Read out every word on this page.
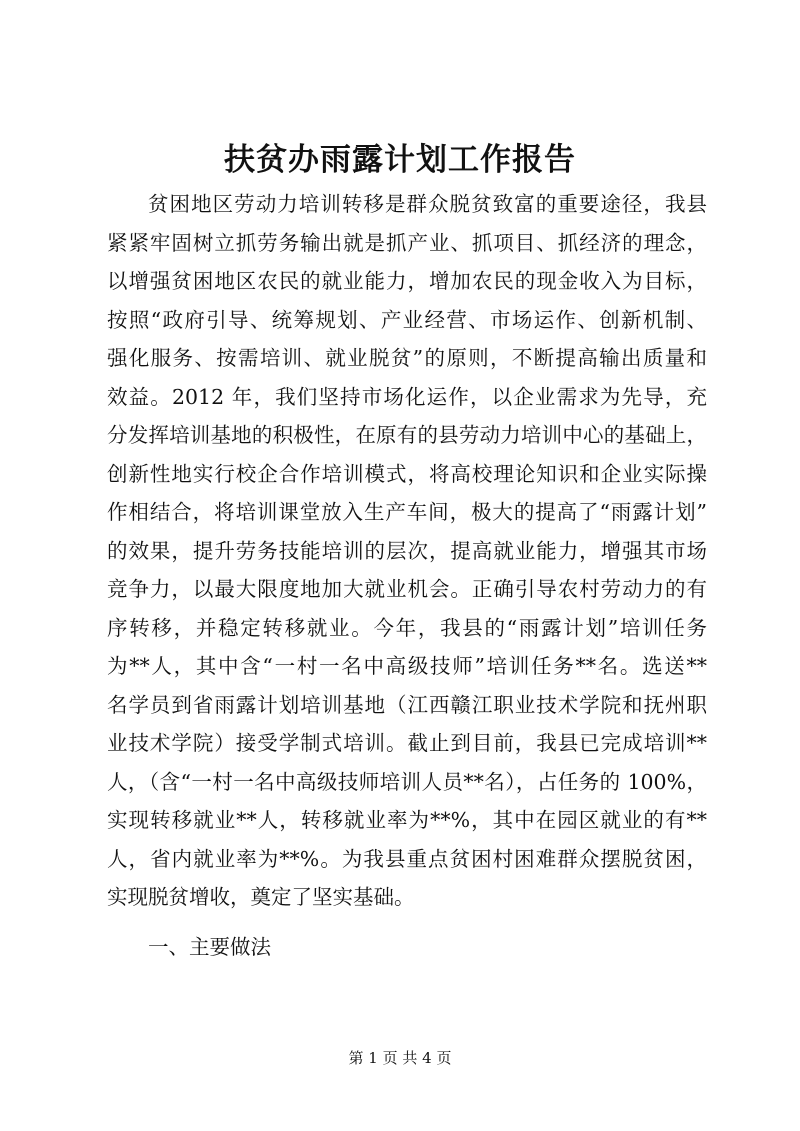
扶贫办雨露计划工作报告
贫困地区劳动力培训转移是群众脱贫致富的重要途径，我县
紧紧牢固树立抓劳务输出就是抓产业、抓项目、抓经济的理念，
以增强贫困地区农民的就业能力，增加农民的现金收入为目标，
按照“政府引导、统筹规划、产业经营、市场运作、创新机制、
强化服务、按需培训、就业脱贫”的原则，不断提高输出质量和
效益。2012 年，我们坚持市场化运作，以企业需求为先导，充
分发挥培训基地的积极性，在原有的县劳动力培训中心的基础上，
创新性地实行校企合作培训模式，将高校理论知识和企业实际操
作相结合，将培训课堂放入生产车间，极大的提高了“雨露计划”
的效果，提升劳务技能培训的层次，提高就业能力，增强其市场
竞争力，以最大限度地加大就业机会。正确引导农村劳动力的有
序转移，并稳定转移就业。今年，我县的“雨露计划”培训任务
为**人，其中含“一村一名中高级技师”培训任务**名。选送**
名学员到省雨露计划培训基地（江西赣江职业技术学院和抚州职
业技术学院）接受学制式培训。截止到目前，我县已完成培训**
人，（含“一村一名中高级技师培训人员**名），占任务的 100%，
实现转移就业**人，转移就业率为**%，其中在园区就业的有**
人，省内就业率为**%。为我县重点贫困村困难群众摆脱贫困，
实现脱贫增收，奠定了坚实基础。
一、主要做法
第 1 页 共 4 页
